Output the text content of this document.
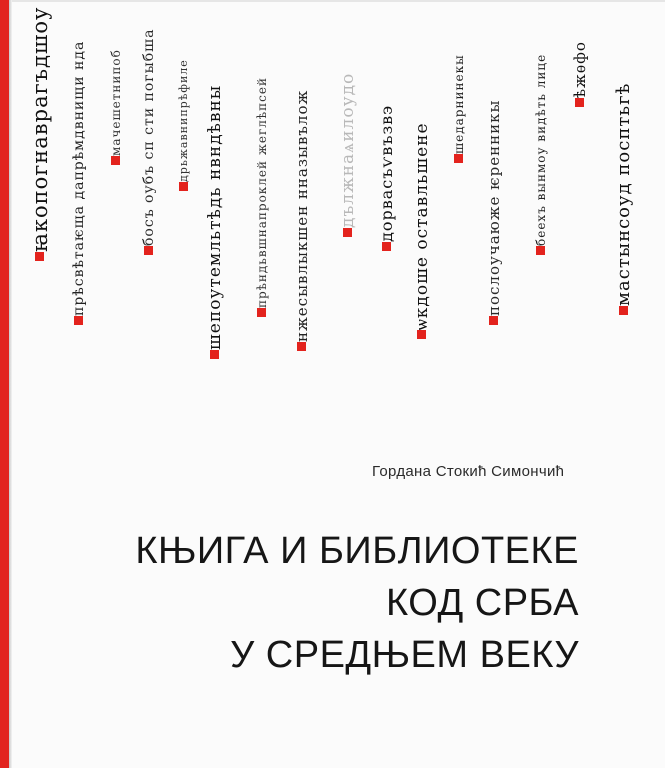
ꙗкопогнаврагъдшоу прѣсвѣтаѥща дапрѣмдвнищи нда мачешетнипоб босъ оубъ сп сти погыбша дрьжавнипрѣфиле шепоутемльтѣдь нвндѣвны	прѣндьвшнапроклей жеглѣпсей нжесывлыкшен нназывълож дължнаѧилоудо дорвасъѵвъзвэ ѡкдоше оставльшене
шедарнинекы послоучаюже ѥренникы	беехъ вынмоу видѣть лице ѣжѳфо
мастынсоуд посптьгѣ
Гордана Стокић Симончић
КЊИГА И БИБЛИОТЕКЕ
КОД СРБА
У СРЕДЊЕМ ВЕКУ
